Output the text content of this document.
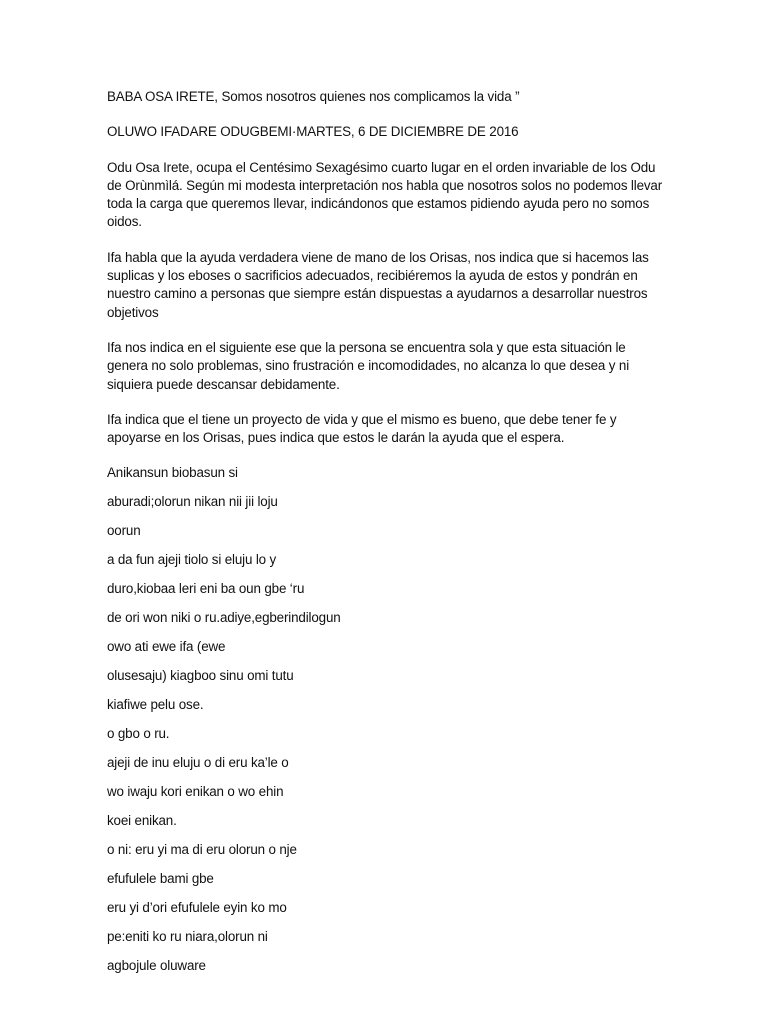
BABA OSA IRETE, Somos nosotros quienes nos complicamos la vida ”

OLUWO IFADARE ODUGBEMI·MARTES, 6 DE DICIEMBRE DE 2016

Odu Osa Irete, ocupa el Centésimo Sexagésimo cuarto lugar en el orden invariable de los Odu de Orùnmìlá. Según mi modesta interpretación nos habla que nosotros solos no podemos llevar toda la carga que queremos llevar, indicándonos que estamos pidiendo ayuda pero no somos oidos.

Ifa habla que la ayuda verdadera viene de mano de los Orisas, nos indica que si hacemos las suplicas y los eboses o sacrificios adecuados, recibiéremos la ayuda de estos y pondrán en nuestro camino a personas que siempre están dispuestas a ayudarnos a desarrollar nuestros objetivos

Ifa nos indica en el siguiente ese que la persona se encuentra sola y que esta situación le genera no solo problemas, sino frustración e incomodidades, no alcanza lo que desea y ni siquiera puede descansar debidamente.

Ifa indica que el tiene un proyecto de vida y que el mismo es bueno, que debe tener fe y apoyarse en los Orisas, pues indica que estos le darán la ayuda que el espera.

Anikansun biobasun si

aburadi;olorun nikan nii jii loju

oorun

a da fun ajeji tiolo si eluju lo y

duro,kiobaa leri eni ba oun gbe ‘ru

de ori won niki o ru.adiye,egberindilogun

owo ati ewe ifa (ewe

olusesaju) kiagboo sinu omi tutu

kiafiwe pelu ose.

o gbo o ru.

ajeji de inu eluju o di eru ka’le o

wo iwaju kori enikan o wo ehin

koei enikan.

o ni: eru yi ma di eru olorun o nje

efufulele bami gbe

eru yi d’ori efufulele eyin ko mo

pe:eniti ko ru niara,olorun ni

agbojule oluware
